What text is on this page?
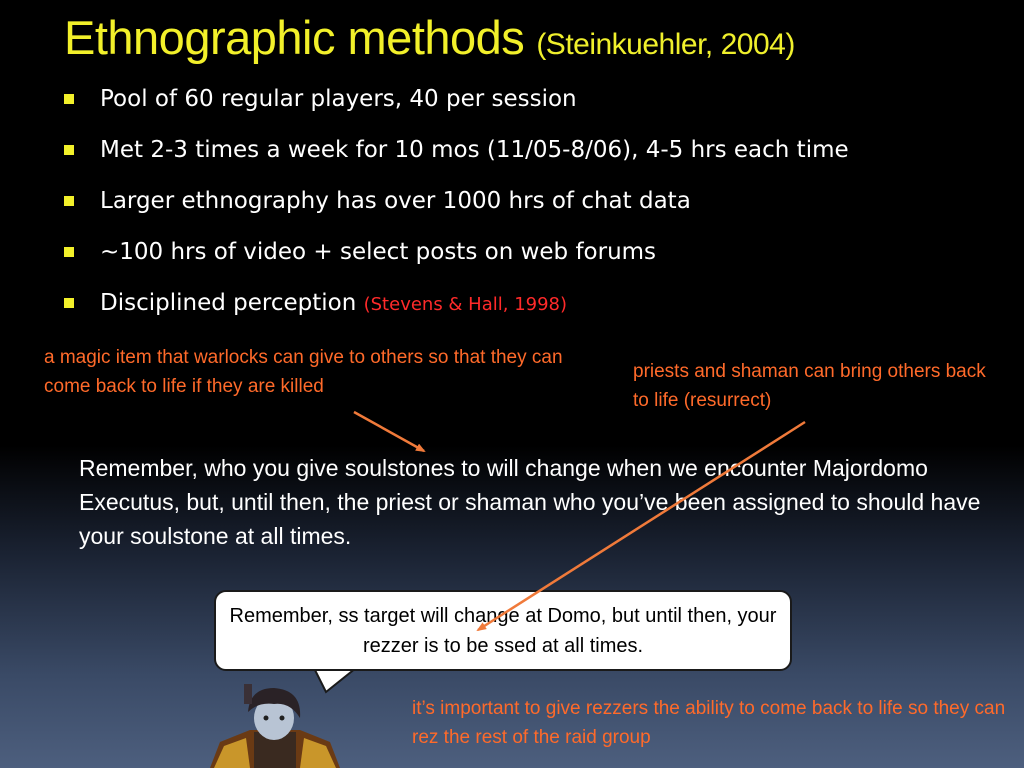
Ethnographic methods (Steinkuehler, 2004)
Pool of 60 regular players, 40 per session
Met 2-3 times a week for 10 mos (11/05-8/06), 4-5 hrs each time
Larger ethnography has over 1000 hrs of chat data
~100 hrs of video + select posts on web forums
Disciplined perception (Stevens & Hall, 1998)
a magic item that warlocks can give to others so that they can come back to life if they are killed
priests and shaman can bring others back to life (resurrect)
Remember, who you give soulstones to will change when we encounter Majordomo Executus, but, until then, the priest or shaman who you’ve been assigned to should have your soulstone at all times.
Remember, ss target will change at Domo, but until then, your rezzer is to be ssed at all times.
it’s important to give rezzers the ability to come back to life so they can rez the rest of the raid group
